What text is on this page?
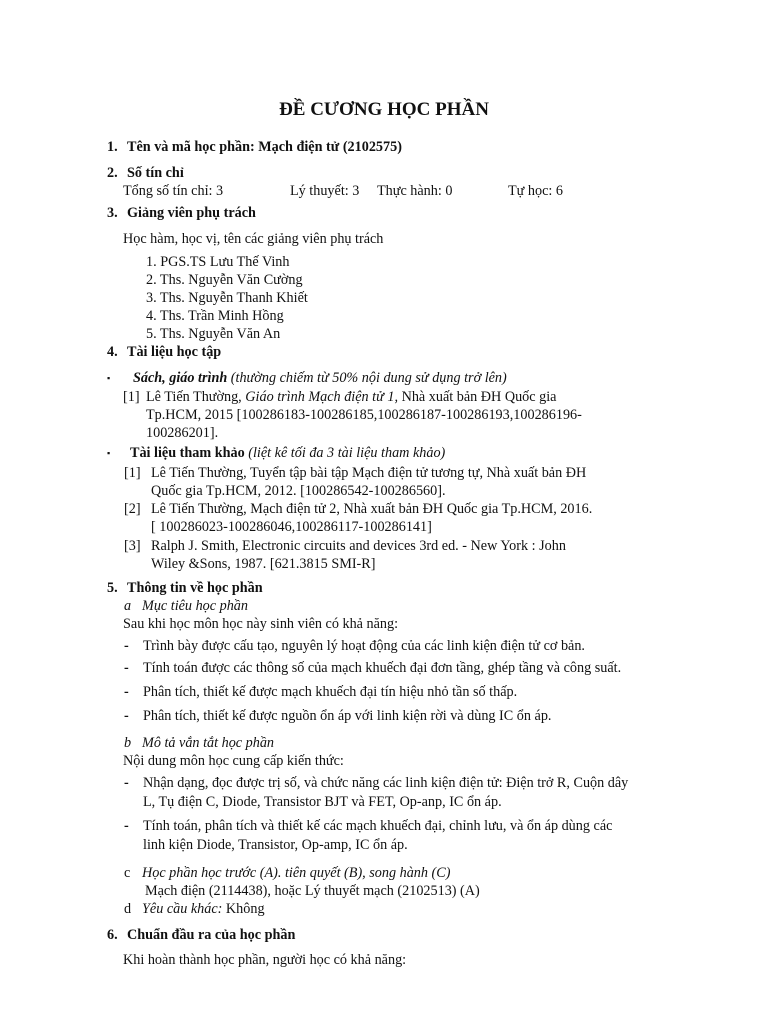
ĐỀ CƯƠNG HỌC PHẦN
1. Tên và mã học phần: Mạch điện tử (2102575)
2. Số tín chỉ
Tổng số tín chỉ: 3	Lý thuyết: 3 Thực hành: 0	Tự học: 6
3. Giảng viên phụ trách
Học hàm, học vị, tên các giảng viên phụ trách
1. PGS.TS Lưu Thế Vinh
2. Ths. Nguyễn Văn Cường
3. Ths. Nguyễn Thanh Khiết
4. Ths. Trần Minh Hồng
5. Ths. Nguyễn Văn An
4. Tài liệu học tập
▪ Sách, giáo trình (thường chiếm từ 50% nội dung sử dụng trở lên)
[1] Lê Tiến Thường, Giáo trình Mạch điện tử 1, Nhà xuất bản ĐH Quốc gia
Tp.HCM, 2015 [100286183-100286185,100286187-100286193,100286196-
100286201].
▪ Tài liệu tham khảo (liệt kê tối đa 3 tài liệu tham khảo)
[1] Lê Tiến Thường, Tuyển tập bài tập Mạch điện tử tương tự, Nhà xuất bản ĐH
Quốc gia Tp.HCM, 2012. [100286542-100286560].
[2] Lê Tiến Thường, Mạch điện tử 2, Nhà xuất bản ĐH Quốc gia Tp.HCM, 2016.
[ 100286023-100286046,100286117-100286141]
[3] Ralph J. Smith, Electronic circuits and devices 3rd ed. - New York : John
Wiley &Sons, 1987. [621.3815 SMI-R]
5. Thông tin về học phần
a Mục tiêu học phần
Sau khi học môn học này sinh viên có khả năng:
- Trình bày được cấu tạo, nguyên lý hoạt động của các linh kiện điện tử cơ bản.
- Tính toán được các thông số của mạch khuếch đại đơn tầng, ghép tầng và công suất.
- Phân tích, thiết kế được mạch khuếch đại tín hiệu nhỏ tần số thấp.
- Phân tích, thiết kế được nguồn ổn áp với linh kiện rời và dùng IC ổn áp.
b Mô tả vắn tắt học phần
Nội dung môn học cung cấp kiến thức:
- Nhận dạng, đọc được trị số, và chức năng các linh kiện điện tử: Điện trở R, Cuộn dây
L, Tụ điện C, Diode, Transistor BJT và FET, Op-anp, IC ổn áp.
- Tính toán, phân tích và thiết kế các mạch khuếch đại, chỉnh lưu, và ổn áp dùng các
linh kiện Diode, Transistor, Op-amp, IC ổn áp.
c Học phần học trước (A). tiên quyết (B), song hành (C)
Mạch điện (2114438), hoặc Lý thuyết mạch (2102513) (A)
d Yêu cầu khác: Không
6. Chuẩn đầu ra của học phần
Khi hoàn thành học phần, người học có khả năng:
